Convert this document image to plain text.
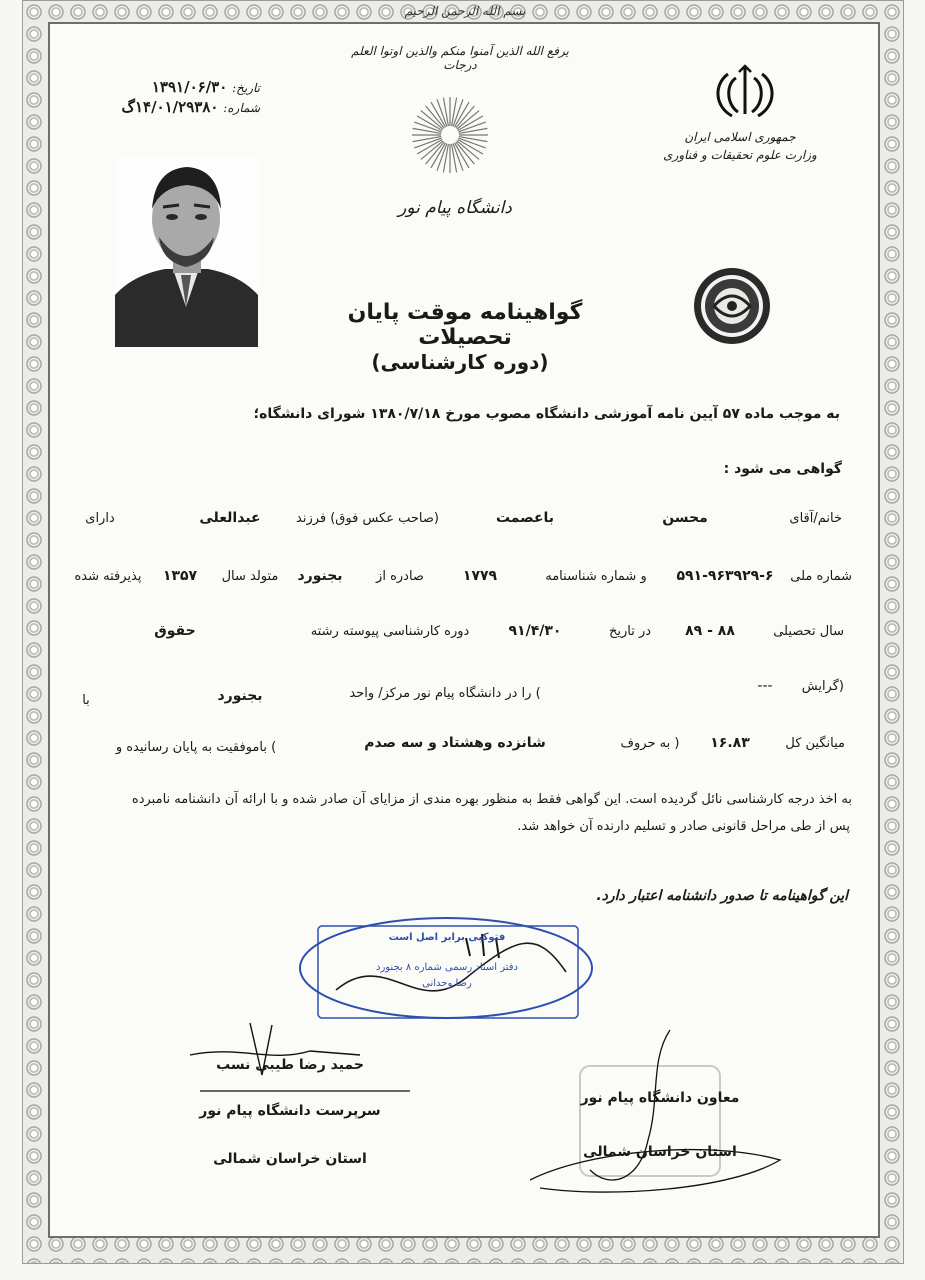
بسم الله الرحمن الرحيم
يرفع الله الذين آمنوا منكم والذين اوتوا العلم درجات
تاریخ: ۱۳۹۱/۰۶/۳۰
شماره: ۱۴/۰۱/۲۹۳۸۰گ
جمهوری اسلامی ایران
وزارت علوم تحقیقات و فناوری
دانشگاه پیام نور
گواهینامه موقت پایان تحصیلات
(دوره کارشناسی)
به موجب ماده ۵۷ آیین نامه آموزشی دانشگاه مصوب مورخ ۱۳۸۰/۷/۱۸ شورای دانشگاه؛
گواهی می شود :
خانم/آقای
محسن
باعصمت
(صاحب عکس فوق) فرزند
عبدالعلی
دارای
شماره ملی
۵۹۱-۹۶۳۹۲۹-۶
و شماره شناسنامه
۱۷۷۹
صادره از
بجنورد
متولد سال
۱۳۵۷
پذیرفته شده
سال تحصیلی
۸۹ - ۸۸
در تاریخ
۹۱/۴/۳۰
دوره کارشناسی پیوسته رشته
حقوق
(گرایش
---
) را در دانشگاه پیام نور مرکز/ واحد
بجنورد
با
میانگین کل
۱۶.۸۳
( به حروف
شانزده وهشتاد و سه صدم
) باموفقیت به پایان رسانیده و
به اخذ درجه کارشناسی نائل گردیده است. این گواهی فقط به منظور بهره مندی از مزایای آن صادر شده و با ارائه آن دانشنامه نامبرده
پس از طی مراحل قانونی صادر و تسلیم دارنده آن خواهد شد.
این گواهینامه تا صدور دانشنامه اعتبار دارد.
فتوکپی برابر اصل است
دفتر اسناد رسمی شماره ۸ بجنورد
رضا وحدانی
حمید رضا طیبی نسب
سرپرست دانشگاه پیام نور
استان خراسان شمالی
معاون دانشگاه پیام نور
استان خراسان شمالی
